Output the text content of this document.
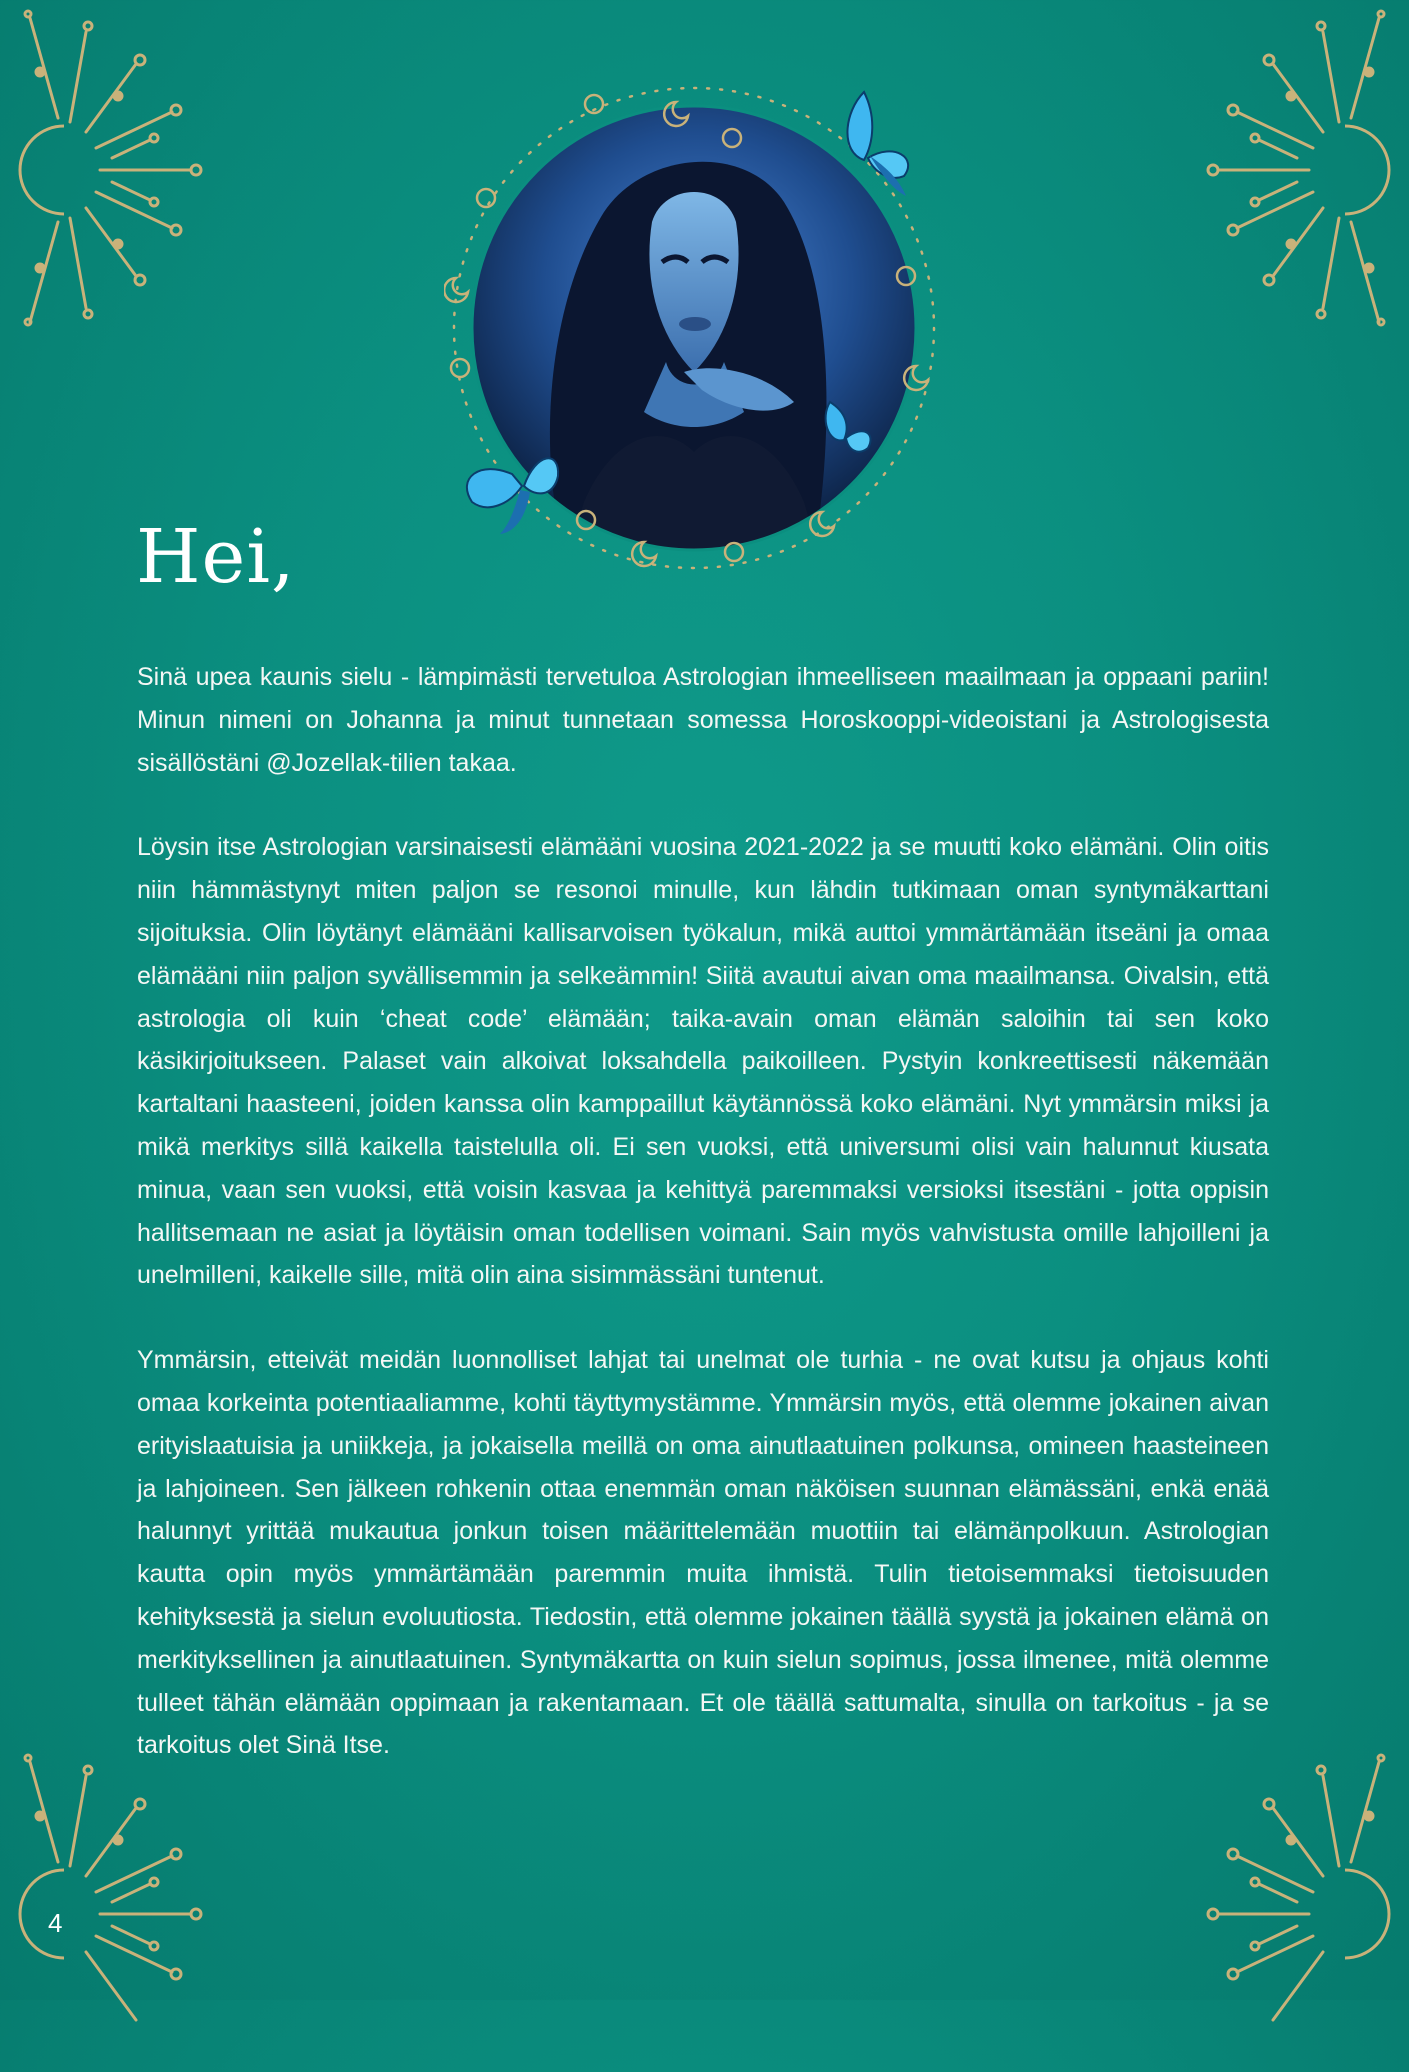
Hei,

Sinä upea kaunis sielu - lämpimästi tervetuloa Astrologian ihmeelliseen maailmaan ja oppaani pariin! Minun nimeni on Johanna ja minut tunnetaan somessa Horoskooppi-videoistani ja Astrologisesta sisällöstäni @Jozellak-tilien takaa.

Löysin itse Astrologian varsinaisesti elämääni vuosina 2021-2022 ja se muutti koko elämäni. Olin oitis niin hämmästynyt miten paljon se resonoi minulle, kun lähdin tutkimaan oman syntymäkarttani sijoituksia. Olin löytänyt elämääni kallisarvoisen työkalun, mikä auttoi ymmärtämään itseäni ja omaa elämääni niin paljon syvällisemmin ja selkeämmin! Siitä avautui aivan oma maailmansa. Oivalsin, että astrologia oli kuin ‘cheat code’ elämään; taika-avain oman elämän saloihin tai sen koko käsikirjoitukseen. Palaset vain alkoivat loksahdella paikoilleen. Pystyin konkreettisesti näkemään kartaltani haasteeni, joiden kanssa olin kamppaillut käytännössä koko elämäni. Nyt ymmärsin miksi ja mikä merkitys sillä kaikella taistelulla oli. Ei sen vuoksi, että universumi olisi vain halunnut kiusata minua, vaan sen vuoksi, että voisin kasvaa ja kehittyä paremmaksi versioksi itsestäni - jotta oppisin hallitsemaan ne asiat ja löytäisin oman todellisen voimani. Sain myös vahvistusta omille lahjoilleni ja unelmilleni, kaikelle sille, mitä olin aina sisimmässäni tuntenut.

Ymmärsin, etteivät meidän luonnolliset lahjat tai unelmat ole turhia - ne ovat kutsu ja ohjaus kohti omaa korkeinta potentiaaliamme, kohti täyttymystämme. Ymmärsin myös, että olemme jokainen aivan erityislaatuisia ja uniikkeja, ja jokaisella meillä on oma ainutlaatuinen polkunsa, omineen haasteineen ja lahjoineen. Sen jälkeen rohkenin ottaa enemmän oman näköisen suunnan elämässäni, enkä enää halunnyt yrittää mukautua jonkun toisen määrittelemään muottiin tai elämänpolkuun. Astrologian kautta opin myös ymmärtämään paremmin muita ihmistä. Tulin tietoisemmaksi tietoisuuden kehityksestä ja sielun evoluutiosta. Tiedostin, että olemme jokainen täällä syystä ja jokainen elämä on merkityksellinen ja ainutlaatuinen. Syntymäkartta on kuin sielun sopimus, jossa ilmenee, mitä olemme tulleet tähän elämään oppimaan ja rakentamaan. Et ole täällä sattumalta, sinulla on tarkoitus - ja se tarkoitus olet Sinä Itse.

4
